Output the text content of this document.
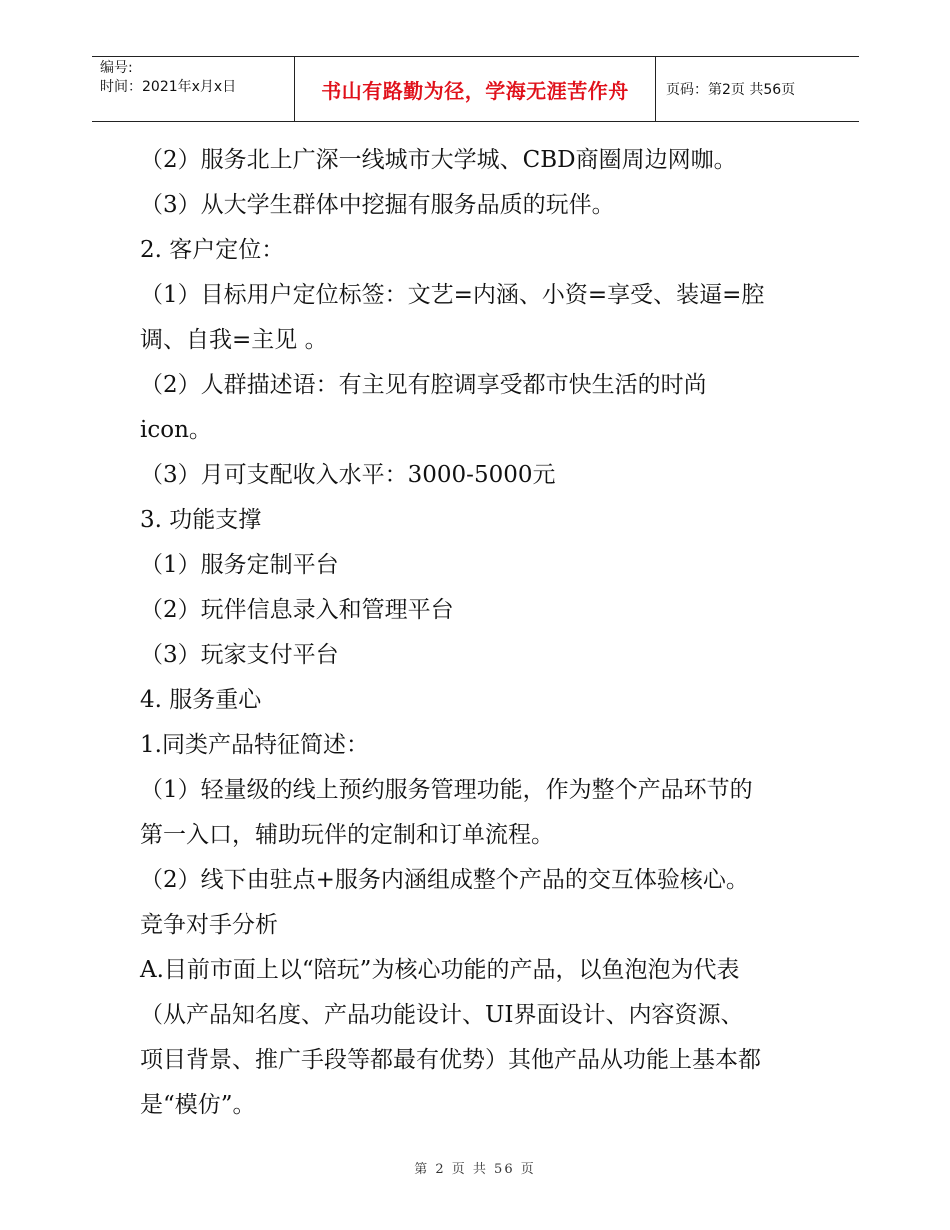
编号:
时间：2021年x月x日	书山有路勤为径，学海无涯苦作舟	页码：第2页 共56页

（2）服务北上广深一线城市大学城、CBD商圈周边网咖。

（3）从大学生群体中挖掘有服务品质的玩伴。

2. 客户定位：

（1）目标用户定位标签：文艺=内涵、小资=享受、装逼=腔

调、自我=主见 。

（2）人群描述语：有主见有腔调享受都市快生活的时尚

icon。

（3）月可支配收入水平：3000-5000元

3. 功能支撑

（1）服务定制平台

（2）玩伴信息录入和管理平台

（3）玩家支付平台

4. 服务重心

1.同类产品特征简述：

（1）轻量级的线上预约服务管理功能，作为整个产品环节的

第一入口，辅助玩伴的定制和订单流程。

（2）线下由驻点+服务内涵组成整个产品的交互体验核心。

竞争对手分析

A.目前市面上以“陪玩”为核心功能的产品，以鱼泡泡为代表

（从产品知名度、产品功能设计、UI界面设计、内容资源、

项目背景、推广手段等都最有优势）其他产品从功能上基本都

是“模仿”。

第 2 页 共 56 页
